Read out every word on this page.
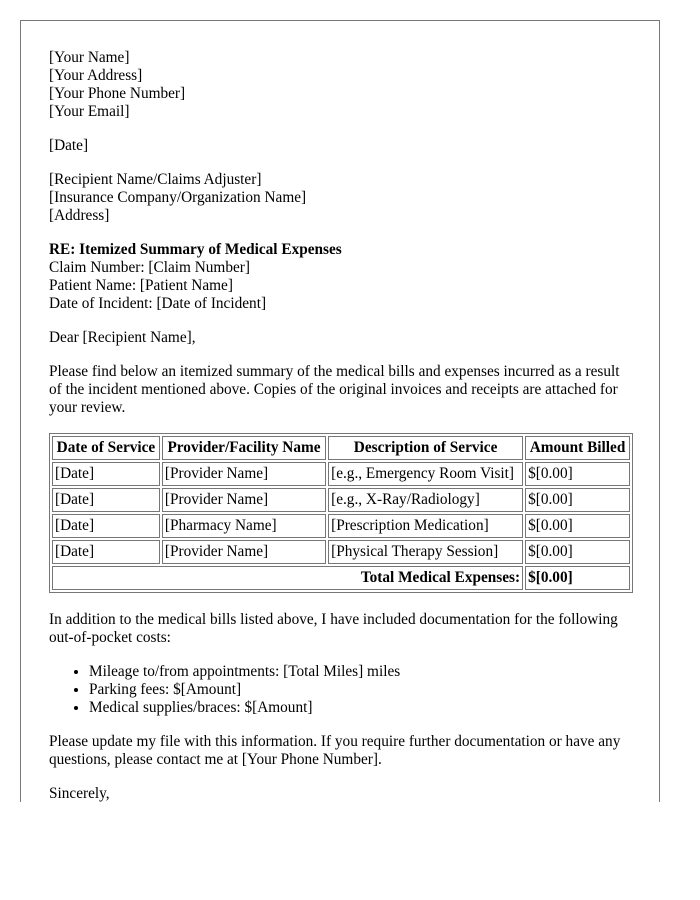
[Your Name]
[Your Address]
[Your Phone Number]
[Your Email]
[Date]
[Recipient Name/Claims Adjuster]
[Insurance Company/Organization Name]
[Address]
RE: Itemized Summary of Medical Expenses
Claim Number: [Claim Number]
Patient Name: [Patient Name]
Date of Incident: [Date of Incident]

Dear [Recipient Name],

Please find below an itemized summary of the medical bills and expenses incurred as a result of the incident mentioned above. Copies of the original invoices and receipts are attached for your review.

Date of Service	Provider/Facility Name	Description of Service	Amount Billed
[Date]	[Provider Name]	[e.g., Emergency Room Visit]	$[0.00]
[Date]	[Provider Name]	[e.g., X-Ray/Radiology]	$[0.00]
[Date]	[Pharmacy Name]	[Prescription Medication]	$[0.00]
[Date]	[Provider Name]	[Physical Therapy Session]	$[0.00]
Total Medical Expenses:			$[0.00]

In addition to the medical bills listed above, I have included documentation for the following out-of-pocket costs:

• Mileage to/from appointments: [Total Miles] miles
• Parking fees: $[Amount]
• Medical supplies/braces: $[Amount]

Please update my file with this information. If you require further documentation or have any questions, please contact me at [Your Phone Number].

Sincerely,
